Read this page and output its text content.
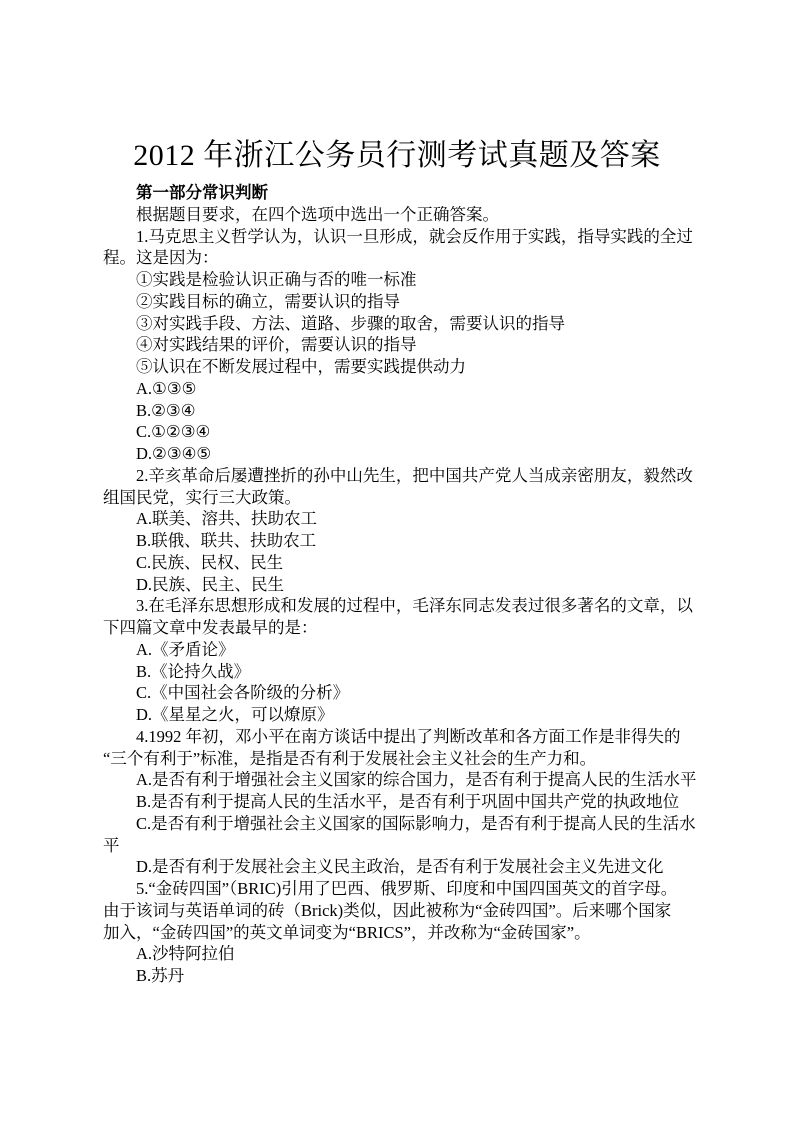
2012 年浙江公务员行测考试真题及答案
第一部分常识判断
根据题目要求，在四个选项中选出一个正确答案。
1.马克思主义哲学认为，认识一旦形成，就会反作用于实践，指导实践的全过
程。这是因为：
①实践是检验认识正确与否的唯一标准
②实践目标的确立，需要认识的指导
③对实践手段、方法、道路、步骤的取舍，需要认识的指导
④对实践结果的评价，需要认识的指导
⑤认识在不断发展过程中，需要实践提供动力
A.①③⑤
B.②③④
C.①②③④
D.②③④⑤
2.辛亥革命后屡遭挫折的孙中山先生，把中国共产党人当成亲密朋友，毅然改
组国民党，实行三大政策。
A.联美、溶共、扶助农工
B.联俄、联共、扶助农工
C.民族、民权、民生
D.民族、民主、民生
3.在毛泽东思想形成和发展的过程中，毛泽东同志发表过很多著名的文章，以
下四篇文章中发表最早的是：
A.《矛盾论》
B.《论持久战》
C.《中国社会各阶级的分析》
D.《星星之火，可以燎原》
4.1992 年初，邓小平在南方谈话中提出了判断改革和各方面工作是非得失的
“三个有利于”标准，是指是否有利于发展社会主义社会的生产力和。
A.是否有利于增强社会主义国家的综合国力，是否有利于提高人民的生活水平
B.是否有利于提高人民的生活水平，是否有利于巩固中国共产党的执政地位
C.是否有利于增强社会主义国家的国际影响力，是否有利于提高人民的生活水
平
D.是否有利于发展社会主义民主政治，是否有利于发展社会主义先进文化
5.“金砖四国”（BRIC)引用了巴西、俄罗斯、印度和中国四国英文的首字母。
由于该词与英语单词的砖（Brick)类似，因此被称为“金砖四国”。后来哪个国家
加入，“金砖四国”的英文单词变为“BRICS”，并改称为“金砖国家”。
A.沙特阿拉伯
B.苏丹
